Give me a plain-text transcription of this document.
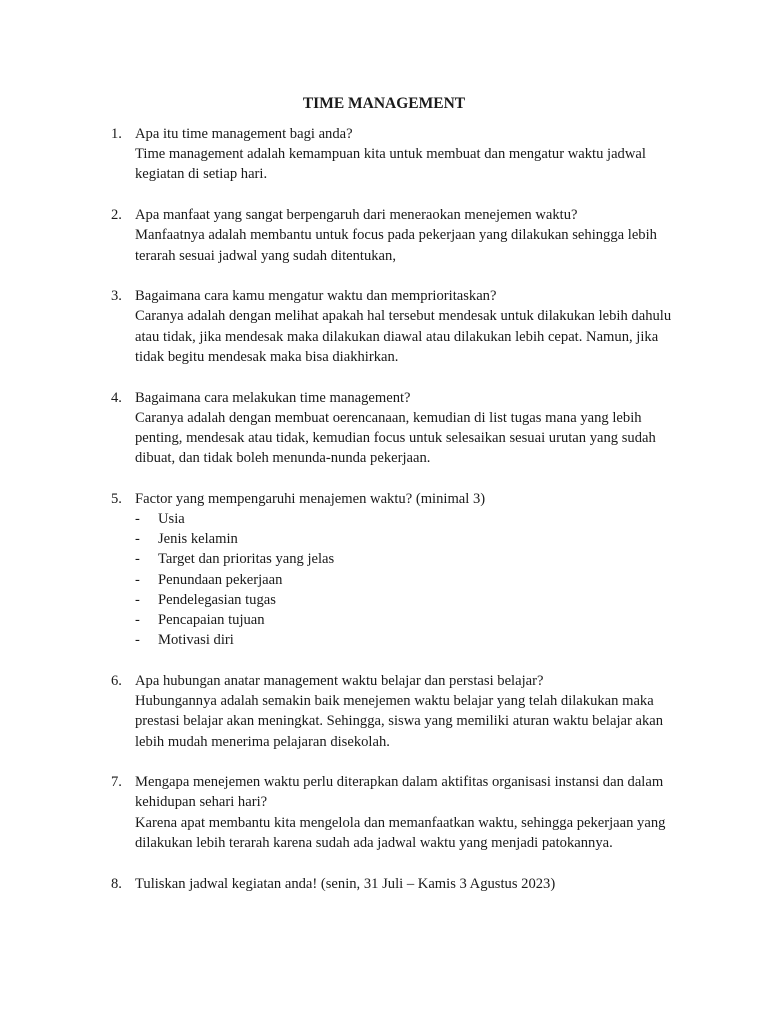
TIME MANAGEMENT
1. Apa itu time management bagi anda?
Time management adalah kemampuan kita untuk membuat dan mengatur waktu jadwal kegiatan di setiap hari.
2. Apa manfaat yang sangat berpengaruh dari meneraokan menejemen waktu?
Manfaatnya adalah membantu untuk focus pada pekerjaan yang dilakukan sehingga lebih terarah sesuai jadwal yang sudah ditentukan,
3. Bagaimana cara kamu mengatur waktu dan memprioritaskan?
Caranya adalah dengan melihat apakah hal tersebut mendesak untuk dilakukan lebih dahulu atau tidak, jika mendesak maka dilakukan diawal atau dilakukan lebih cepat. Namun, jika tidak begitu mendesak maka bisa diakhirkan.
4. Bagaimana cara melakukan time management?
Caranya adalah dengan membuat oerencanaan, kemudian di list tugas mana yang lebih penting, mendesak atau tidak, kemudian focus untuk selesaikan sesuai urutan yang sudah dibuat, dan tidak boleh menunda-nunda pekerjaan.
5. Factor yang mempengaruhi menajemen waktu? (minimal 3)
- Usia
- Jenis kelamin
- Target dan prioritas yang jelas
- Penundaan pekerjaan
- Pendelegasian tugas
- Pencapaian tujuan
- Motivasi diri
6. Apa hubungan anatar management waktu belajar dan perstasi belajar?
Hubungannya adalah semakin baik menejemen waktu belajar yang telah dilakukan maka prestasi belajar akan meningkat. Sehingga, siswa yang memiliki aturan waktu belajar akan lebih mudah menerima pelajaran disekolah.
7. Mengapa menejemen waktu perlu diterapkan dalam aktifitas organisasi instansi dan dalam kehidupan sehari hari?
Karena apat membantu kita mengelola dan memanfaatkan waktu, sehingga pekerjaan yang dilakukan lebih terarah karena sudah ada jadwal waktu yang menjadi patokannya.
8. Tuliskan jadwal kegiatan anda! (senin, 31 Juli – Kamis 3 Agustus 2023)
